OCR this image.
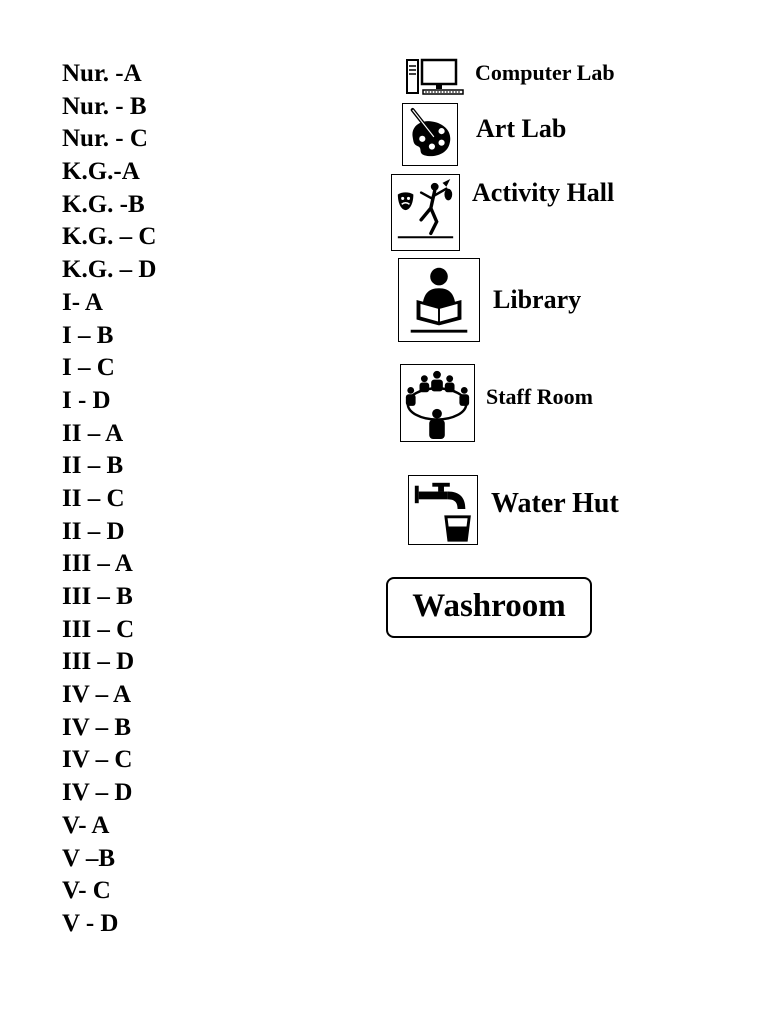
Nur. -A
Nur. - B
Nur. - C
K.G.-A
K.G. -B
K.G. – C
K.G. – D
I- A
I – B
I – C
I - D
II – A
II – B
II – C
II – D
III – A
III – B
III – C
III – D
IV – A
IV – B
IV – C
IV – D
V- A
V –B
V- C
V - D
Computer Lab
Art Lab
Activity Hall
Library
Staff Room
Water Hut
Washroom
